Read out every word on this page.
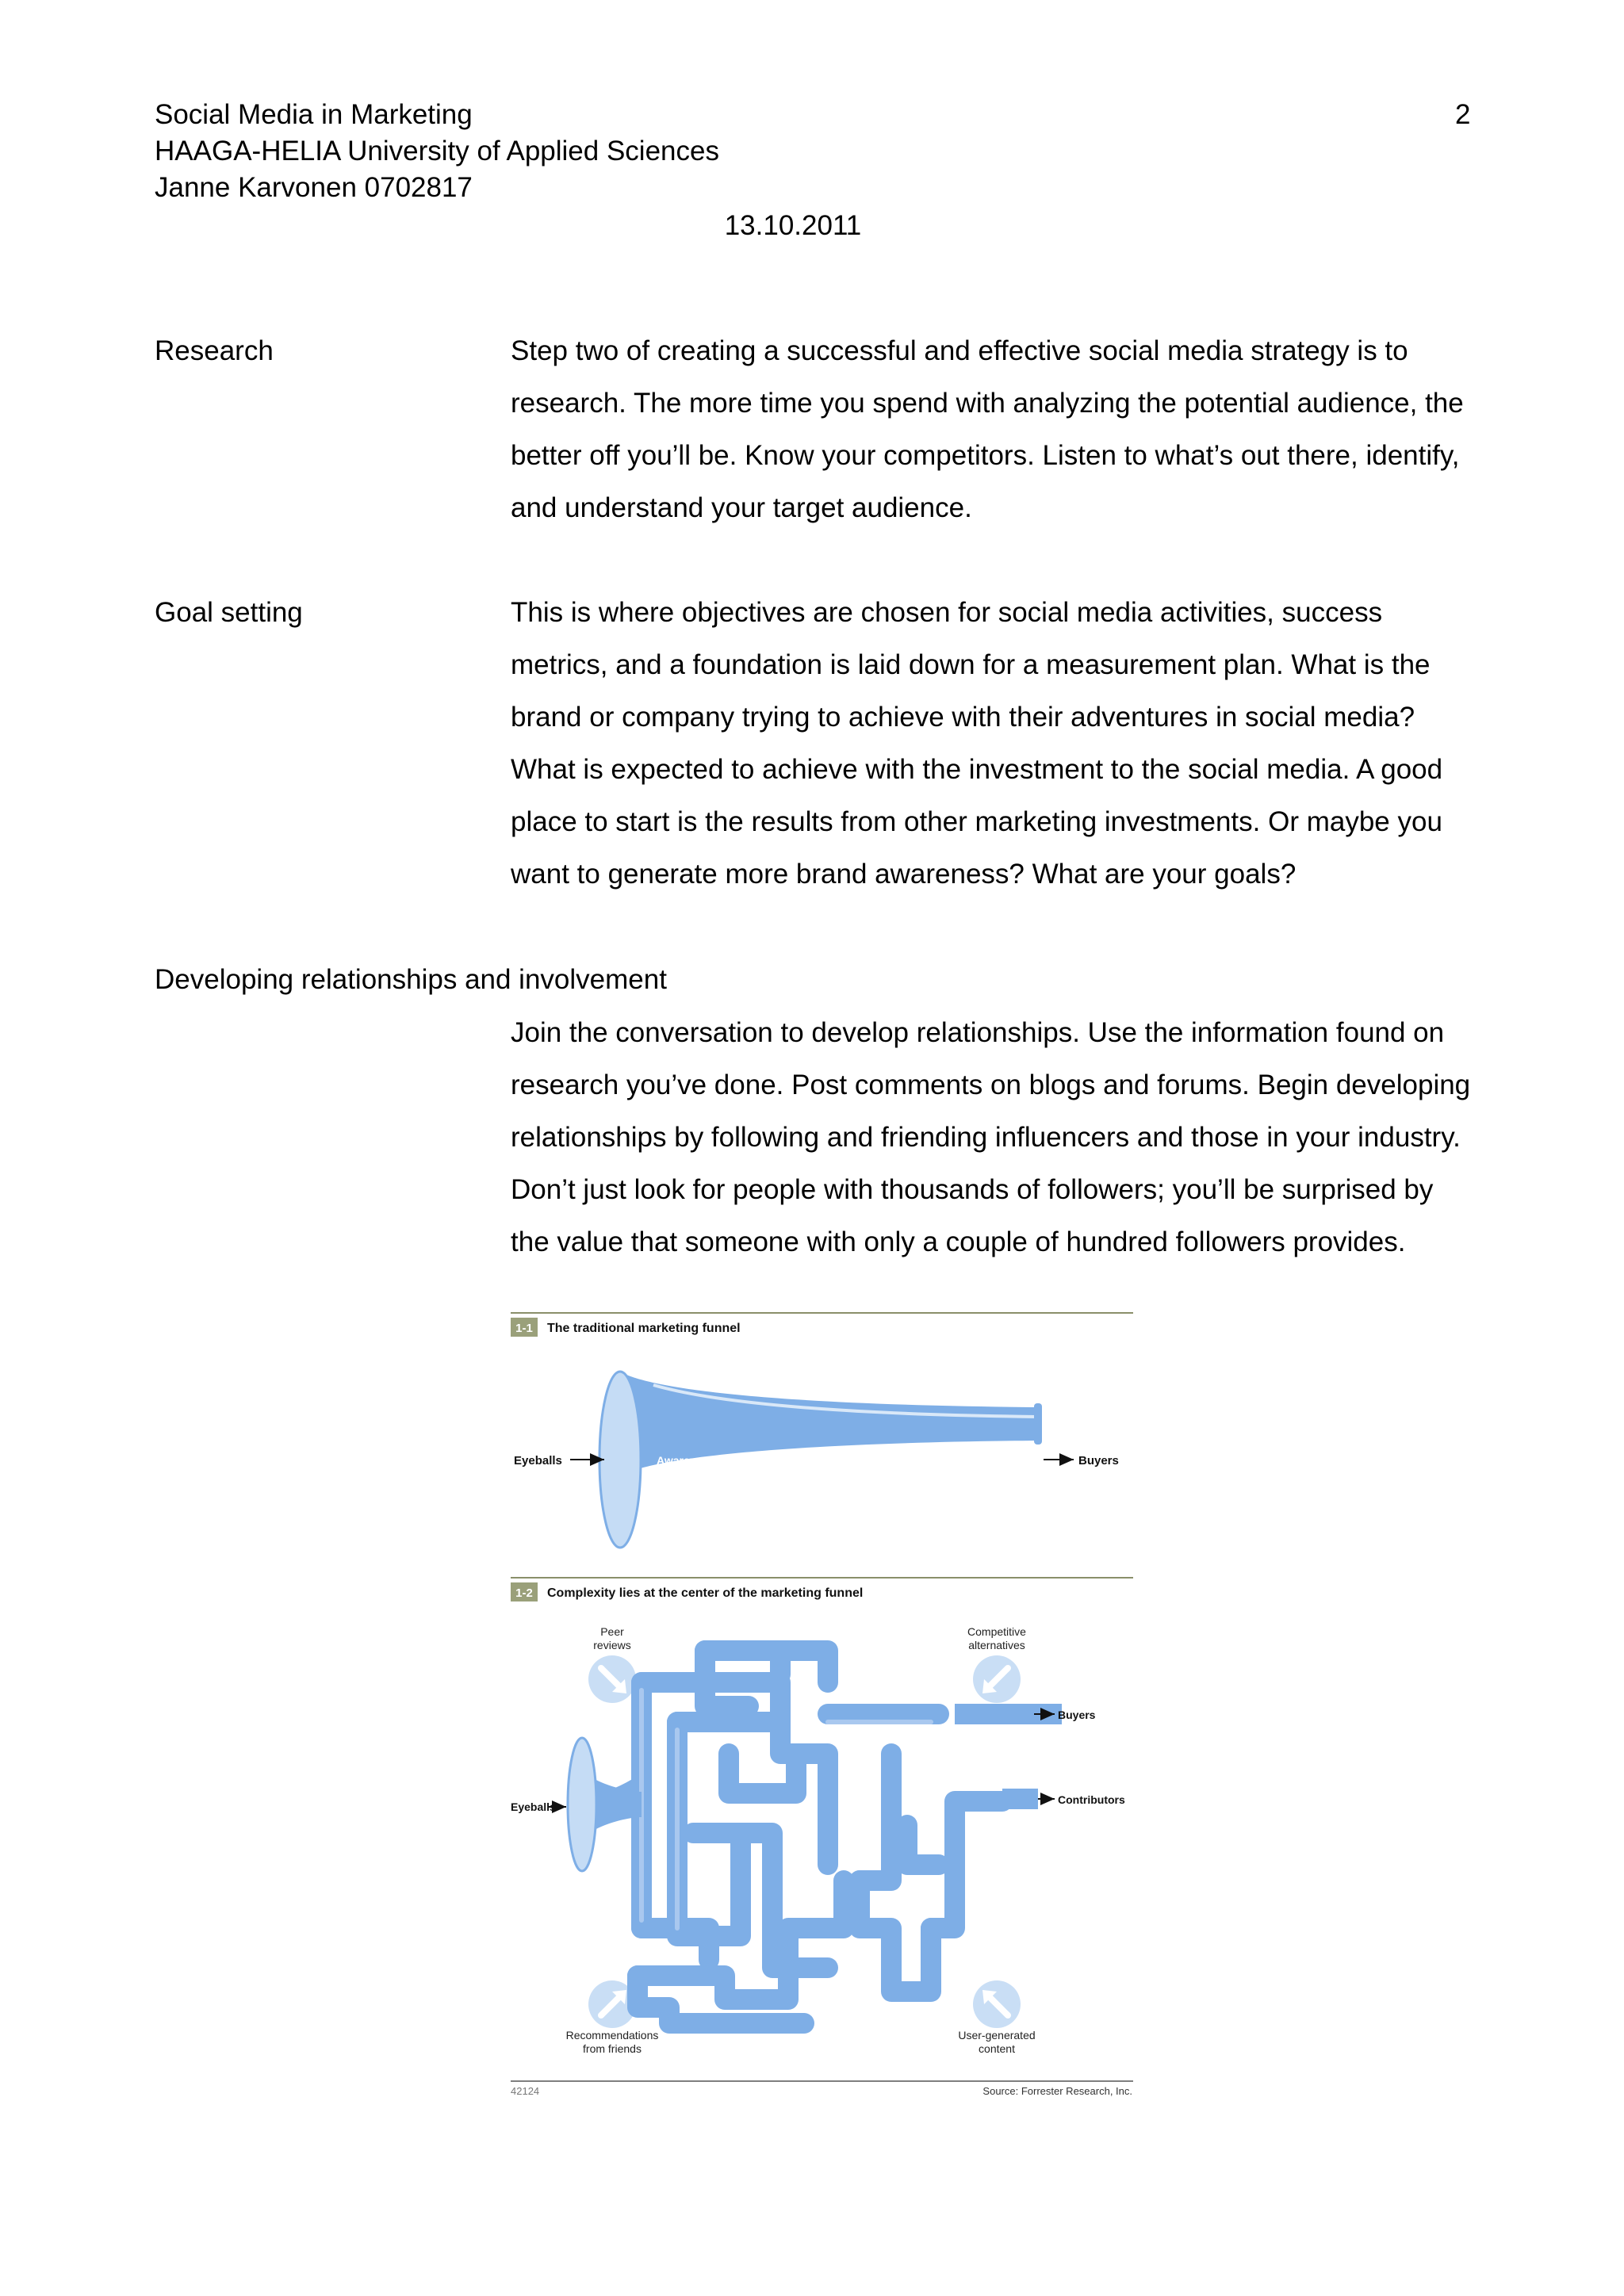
Social Media in Marketing
HAAGA-HELIA University of Applied Sciences
Janne Karvonen 0702817
2
13.10.2011
Research	Step two of creating a successful and effective social media strategy is to research. The more time you spend with analyzing the potential audience, the better off you’ll be. Know your competitors. Listen to what’s out there, identify, and understand your target audience.

Goal setting	This is where objectives are chosen for social media activities, success metrics, and a foundation is laid down for a measurement plan. What is the brand or company trying to achieve with their adventures in social media? What is expected to achieve with the investment to the social media. A good place to start is the results from other marketing investments. Or maybe you want to generate more brand awareness? What are your goals?

Developing relationships and involvement

Join the conversation to develop relationships. Use the information found on research you’ve done. Post comments on blogs and forums. Begin developing relationships by following and friending influencers and those in your industry. Don’t just look for people with thousands of followers; you’ll be surprised by the value that someone with only a couple of hundred followers provides.

1-1 The traditional marketing funnel
Eyeballs	Awareness Consideration Preference	Action Loyalty	Buyers
1-2 Complexity lies at the center of the marketing funnel
Peer
reviews
Competitive
alternatives
Recommendations
from friends
User-generated
content
Eyeballs
Buyers
Contributors
42124	Source: Forrester Research, Inc.
